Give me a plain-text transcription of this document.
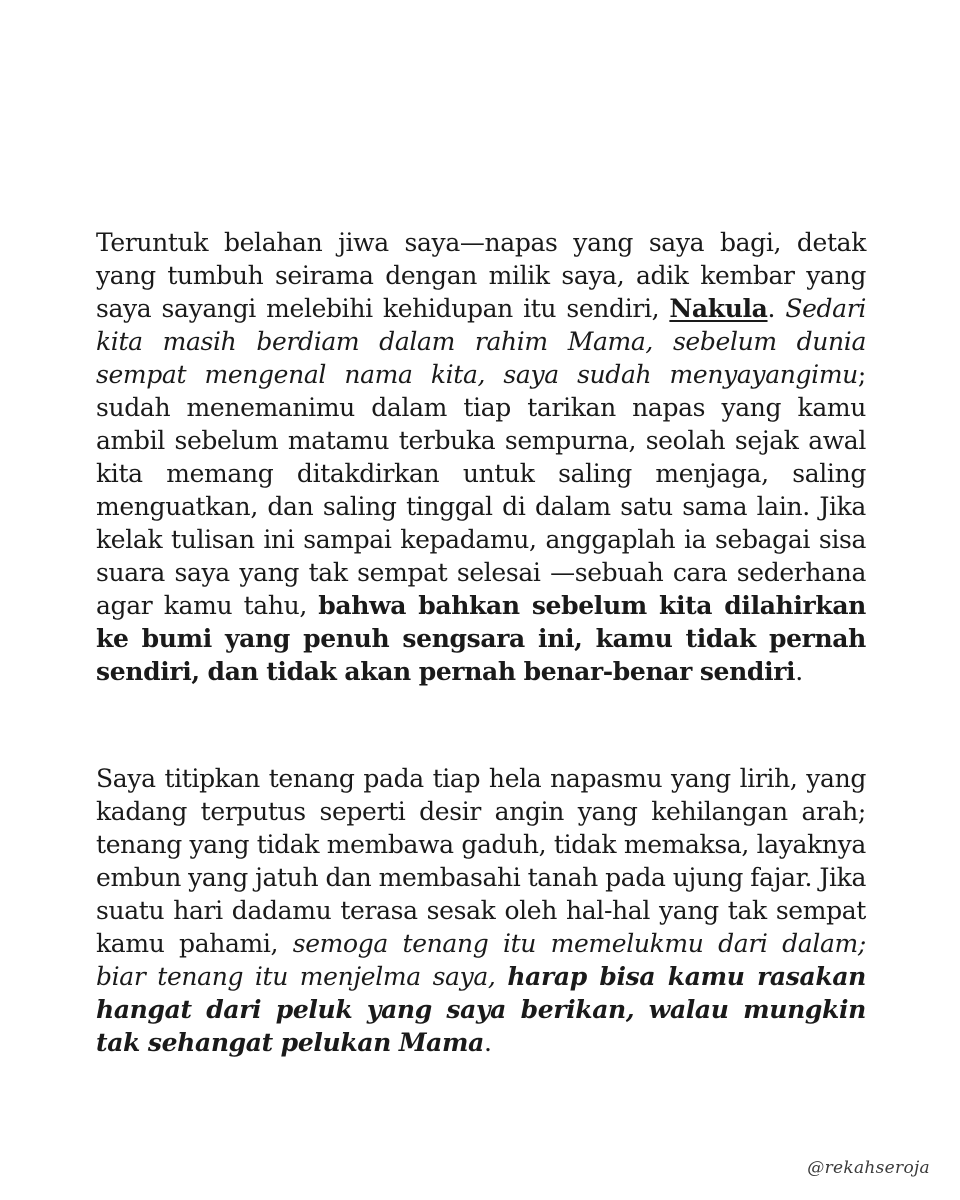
Teruntuk belahan jiwa saya—napas yang saya bagi, detak yang tumbuh seirama dengan milik saya, adik kembar yang saya sayangi melebihi kehidupan itu sendiri, Nakula. Sedari kita masih berdiam dalam rahim Mama, sebelum dunia sempat mengenal nama kita, saya sudah menyayangimu; sudah menemanimu dalam tiap tarikan napas yang kamu ambil sebelum matamu terbuka sempurna, seolah sejak awal kita memang ditakdirkan untuk saling menjaga, saling menguatkan, dan saling tinggal di dalam satu sama lain. Jika kelak tulisan ini sampai kepadamu, anggaplah ia sebagai sisa suara saya yang tak sempat selesai —sebuah cara sederhana agar kamu tahu, bahwa bahkan sebelum kita dilahirkan ke bumi yang penuh sengsara ini, kamu tidak pernah sendiri, dan tidak akan pernah benar-benar sendiri.

Saya titipkan tenang pada tiap hela napasmu yang lirih, yang kadang terputus seperti desir angin yang kehilangan arah; tenang yang tidak membawa gaduh, tidak memaksa, layaknya embun yang jatuh dan membasahi tanah pada ujung fajar. Jika suatu hari dadamu terasa sesak oleh hal-hal yang tak sempat kamu pahami, semoga tenang itu memelukmu dari dalam; biar tenang itu menjelma saya, harap bisa kamu rasakan hangat dari peluk yang saya berikan, walau mungkin tak sehangat pelukan Mama.

@rekahseroja
